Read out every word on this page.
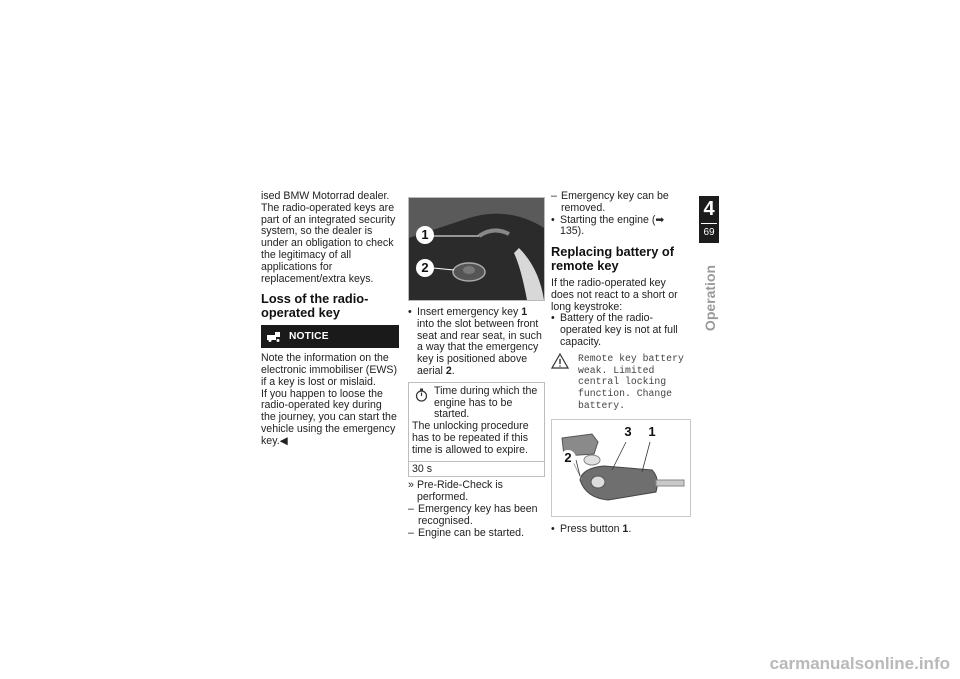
ised BMW Motorrad dealer. The radio-operated keys are part of an integrated security system, so the dealer is under an obligation to check the legitimacy of all applications for replacement/extra keys.

Loss of the radio-operated key
NOTICE

Note the information on the electronic immobiliser (EWS) if a key is lost or mislaid.

If you happen to loose the radio-operated key during the journey, you can start the vehicle using the emergency key.◀

1
2

• Insert emergency key 1 into the slot between front seat and rear seat, in such a way that the emergency key is positioned above aerial 2.

Time during which the engine has to be started.

The unlocking procedure has to be repeated if this time is allowed to expire.

30 s

» Pre-Ride-Check is performed.

– Emergency key has been recognised.

– Engine can be started.

– Emergency key can be removed.

• Starting the engine (➡ 135).

Replacing battery of remote key

If the radio-operated key does not react to a short or long keystroke:

• Battery of the radio-operated key is not at full capacity.

Remote key battery

weak. Limited central locking function. Change battery.

3	1
2

• Press button 1.

4
69
Operation
carmanualsonline.info
